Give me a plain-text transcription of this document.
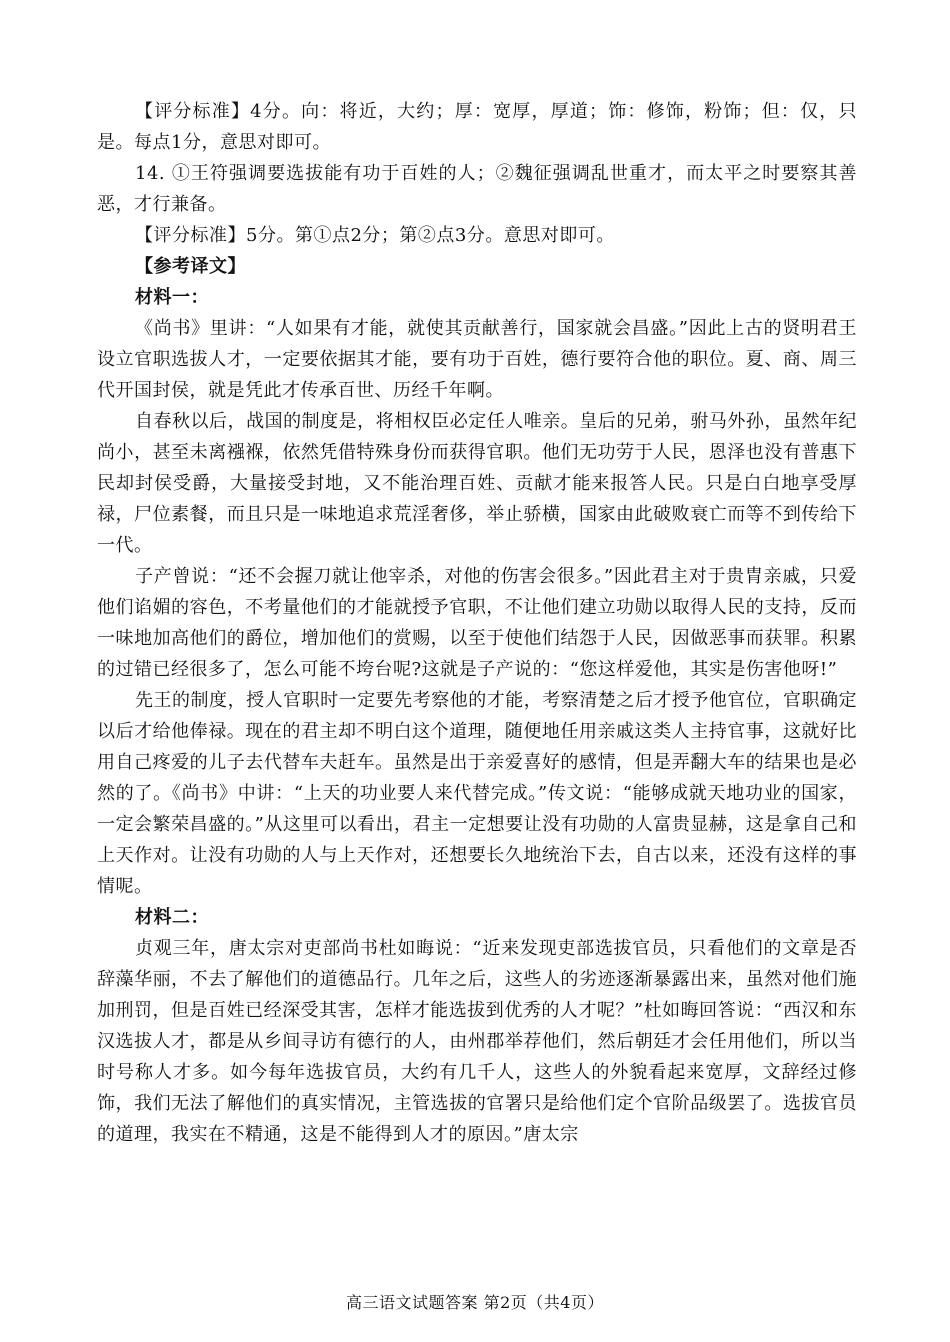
【评分标准】4分。向：将近，大约；厚：宽厚，厚道；饰：修饰，粉饰；但：仅，只是。每点1分，意思对即可。

14. ①王符强调要选拔能有功于百姓的人；②魏征强调乱世重才，而太平之时要察其善恶，才行兼备。

【评分标准】5分。第①点2分；第②点3分。意思对即可。

【参考译文】

材料一：

《尚书》里讲：“人如果有才能，就使其贡献善行，国家就会昌盛。”因此上古的贤明君王设立官职选拔人才，一定要依据其才能，要有功于百姓，德行要符合他的职位。夏、商、周三代开国封侯，就是凭此才传承百世、历经千年啊。

自春秋以后，战国的制度是，将相权臣必定任人唯亲。皇后的兄弟，驸马外孙，虽然年纪尚小，甚至未离襁褓，依然凭借特殊身份而获得官职。他们无功劳于人民，恩泽也没有普惠下民却封侯受爵，大量接受封地，又不能治理百姓、贡献才能来报答人民。只是白白地享受厚禄，尸位素餐，而且只是一味地追求荒淫奢侈，举止骄横，国家由此破败衰亡而等不到传给下一代。

子产曾说：“还不会握刀就让他宰杀，对他的伤害会很多。”因此君主对于贵胄亲戚，只爱他们谄媚的容色，不考量他们的才能就授予官职，不让他们建立功勋以取得人民的支持，反而一味地加高他们的爵位，增加他们的赏赐，以至于使他们结怨于人民，因做恶事而获罪。积累的过错已经很多了，怎么可能不垮台呢?这就是子产说的：“您这样爱他，其实是伤害他呀!”

先王的制度，授人官职时一定要先考察他的才能，考察清楚之后才授予他官位，官职确定以后才给他俸禄。现在的君主却不明白这个道理，随便地任用亲戚这类人主持官事，这就好比用自己疼爱的儿子去代替车夫赶车。虽然是出于亲爱喜好的感情，但是弄翻大车的结果也是必然的了。《尚书》中讲：“上天的功业要人来代替完成。”传文说：“能够成就天地功业的国家，一定会繁荣昌盛的。”从这里可以看出，君主一定想要让没有功勋的人富贵显赫，这是拿自己和上天作对。让没有功勋的人与上天作对，还想要长久地统治下去，自古以来，还没有这样的事情呢。

材料二：

贞观三年，唐太宗对吏部尚书杜如晦说：“近来发现吏部选拔官员，只看他们的文章是否辞藻华丽，不去了解他们的道德品行。几年之后，这些人的劣迹逐渐暴露出来，虽然对他们施加刑罚，但是百姓已经深受其害，怎样才能选拔到优秀的人才呢？”杜如晦回答说：“西汉和东汉选拔人才，都是从乡间寻访有德行的人，由州郡举荐他们，然后朝廷才会任用他们，所以当时号称人才多。如今每年选拔官员，大约有几千人，这些人的外貌看起来宽厚，文辞经过修饰，我们无法了解他们的真实情况，主管选拔的官署只是给他们定个官阶品级罢了。选拔官员的道理，我实在不精通，这是不能得到人才的原因。”唐太宗

高三语文试题答案 第2页（共4页）
